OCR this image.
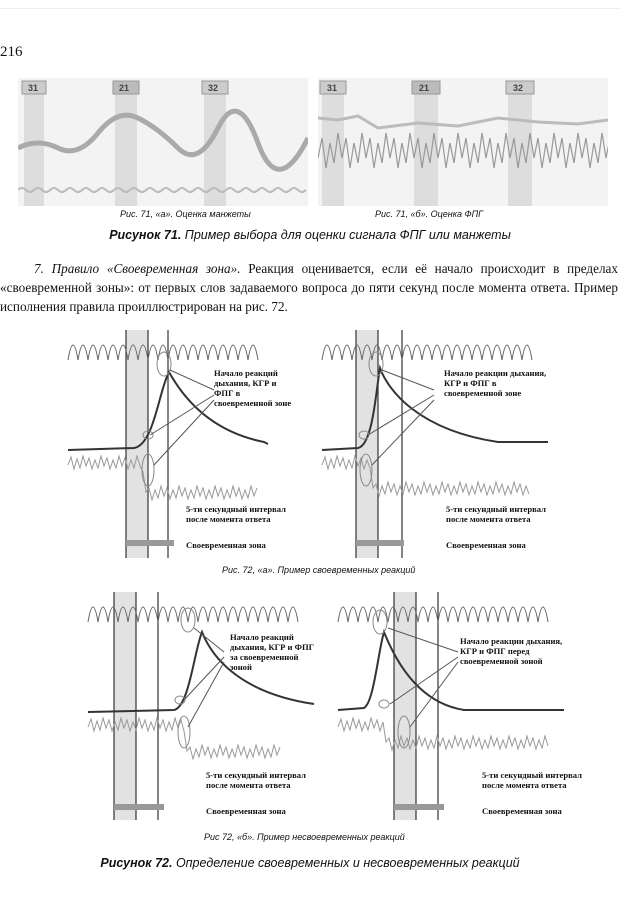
216
31	21	32
Рис. 71, «а». Оценка манжеты
31	21	32
Рис. 71, «б». Оценка ФПГ
Рисунок 71. Пример выбора для оценки сигнала ФПГ или манжеты
7. Правило «Своевременная зона». Реакция оценивается, если её начало происходит в пределах «своевременной зоны»: от первых слов задаваемого вопроса до пяти секунд после момента ответа. Пример исполнения правила проиллюстрирован на рис. 72.
Начало реакций дыхания, КГР и ФПГ в своевременной зоне
5-ти секундный интервал после момента ответа
Своевременная зона
Начало реакции дыхания, КГР и ФПГ в своевременной зоне
5-ти секундный интервал после момента ответа
Своевременная зона
Рис. 72, «а». Пример своевременных реакций
Начало реакций дыхания, КГР и ФПГ за своевременной зоной
5-ти секундный интервал после момента ответа
Своевременная зона
Начало реакции дыхания, КГР и ФПГ перед своевременной зоной
5-ти секундный интервал после момента ответа
Своевременная зона
Рис 72, «б». Пример несвоевременных реакций
Рисунок 72. Определение своевременных и несвоевременных реакций
